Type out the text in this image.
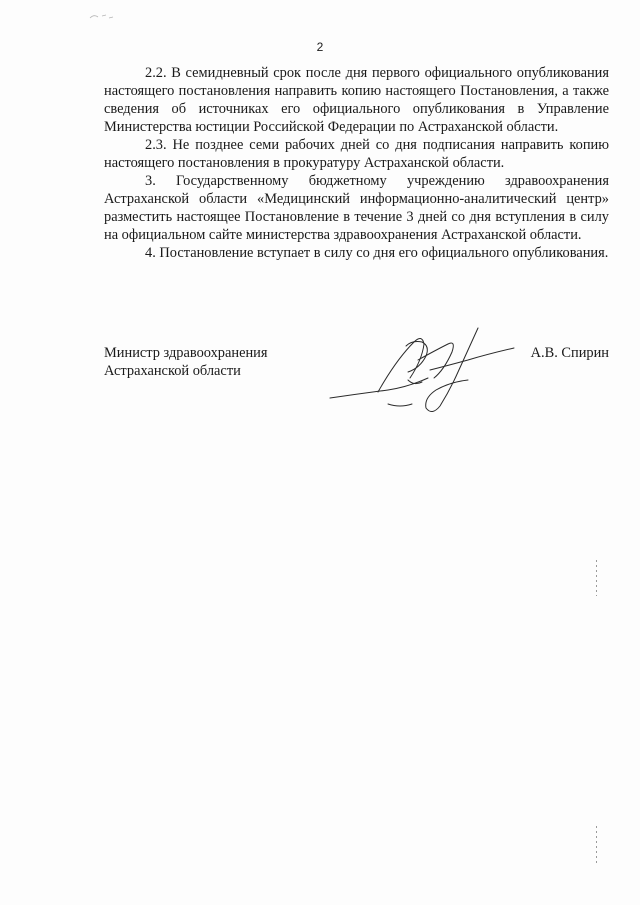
2

2.2. В семидневный срок после дня первого официального опубликования настоящего постановления направить копию настоящего Постановления, а также сведения об источниках его официального опубликования в Управление Министерства юстиции Российской Федерации по Астраханской области.

2.3. Не позднее семи рабочих дней со дня подписания направить копию настоящего постановления в прокуратуру Астраханской области.

3. Государственному бюджетному учреждению здравоохранения Астраханской области «Медицинский информационно-аналитический центр» разместить настоящее Постановление в течение 3 дней со дня вступления в силу на официальном сайте министерства здравоохранения Астраханской области.

4. Постановление вступает в силу со дня его официального опубликования.

Министр здравоохранения
Астраханской области
А.В. Спирин
